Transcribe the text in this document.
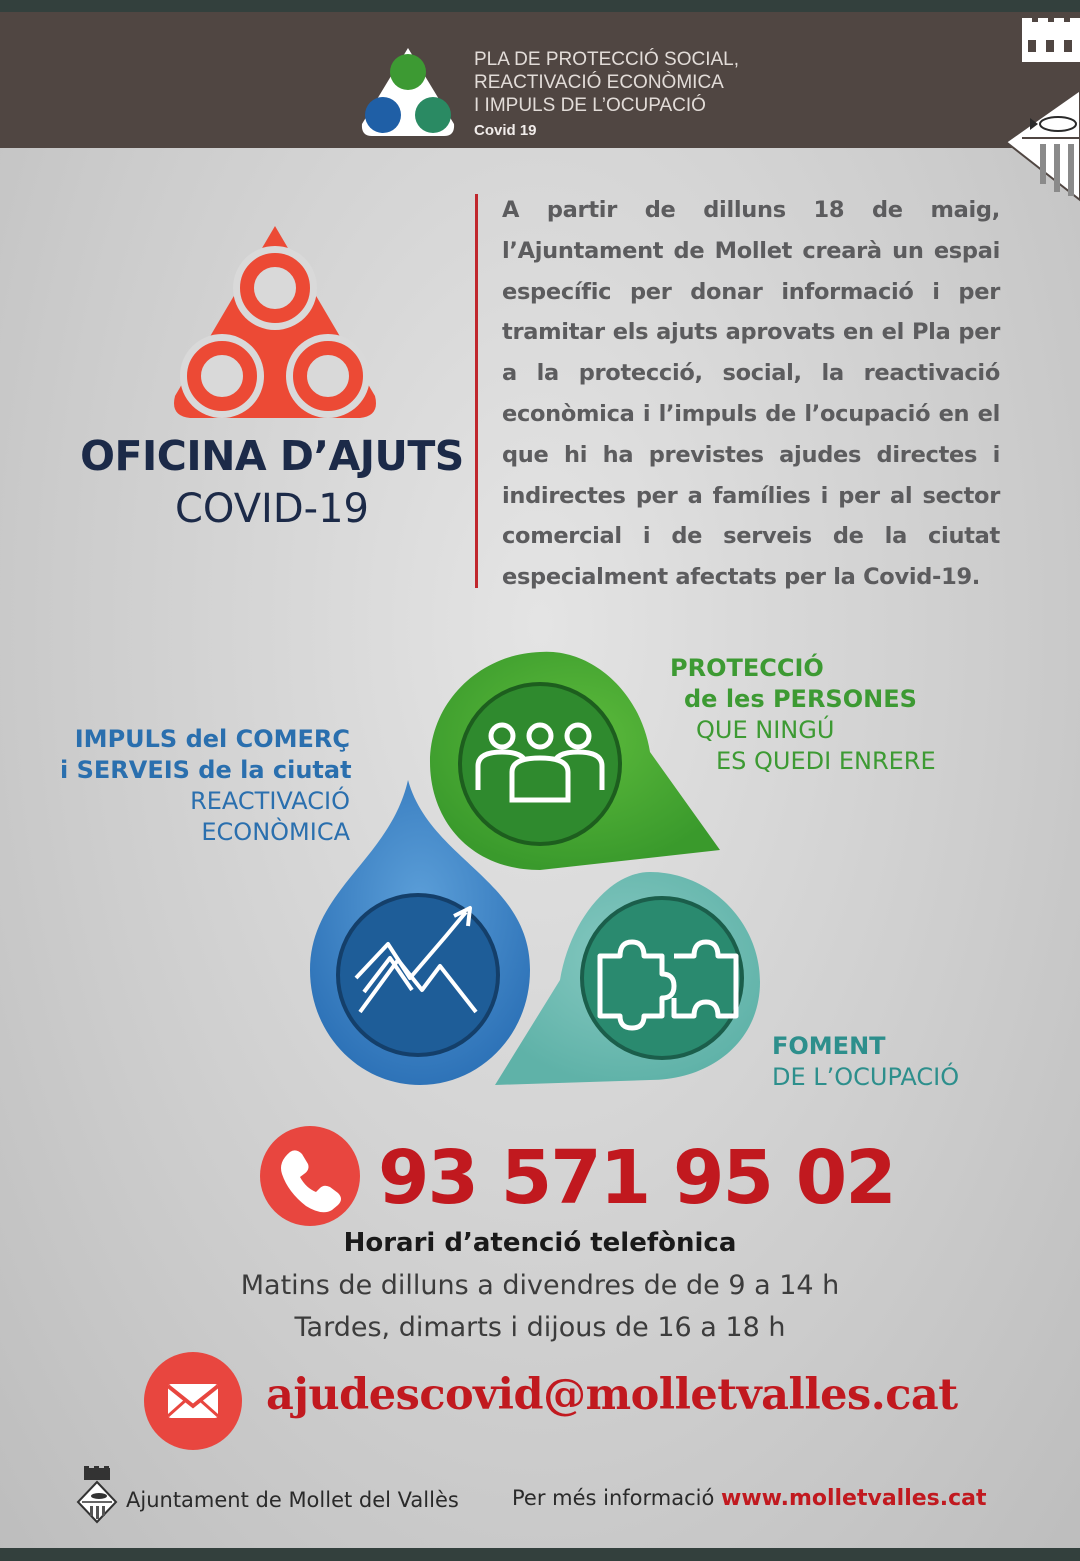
PLA DE PROTECCIÓ SOCIAL,
REACTIVACIÓ ECONÒMICA
I IMPULS DE L’OCUPACIÓ
Covid 19
OFICINA D’AJUTS
COVID-19
A partir de dilluns 18 de maig, l’Ajuntament de Mollet crearà un espai específic per donar informació i per tramitar els ajuts aprovats en el Pla per a la protecció, social, la reactivació econòmica i l’impuls de l’ocupació en el que hi ha previstes ajudes directes i indirectes per a famílies i per al sector comercial i de serveis de la ciutat especialment afectats per la Covid-19.
IMPULS del COMERÇ
i SERVEIS de la ciutat
REACTIVACIÓ
ECONÒMICA
PROTECCIÓ
de les PERSONES
QUE NINGÚ
ES QUEDI ENRERE
FOMENT
DE L’OCUPACIÓ
93 571 95 02
Horari d’atenció telefònica
Matins de dilluns a divendres de de 9 a 14 h
Tardes, dimarts i dijous de 16 a 18 h
ajudescovid@molletvalles.cat
Ajuntament de Mollet del Vallès	Per més informació www.molletvalles.cat
